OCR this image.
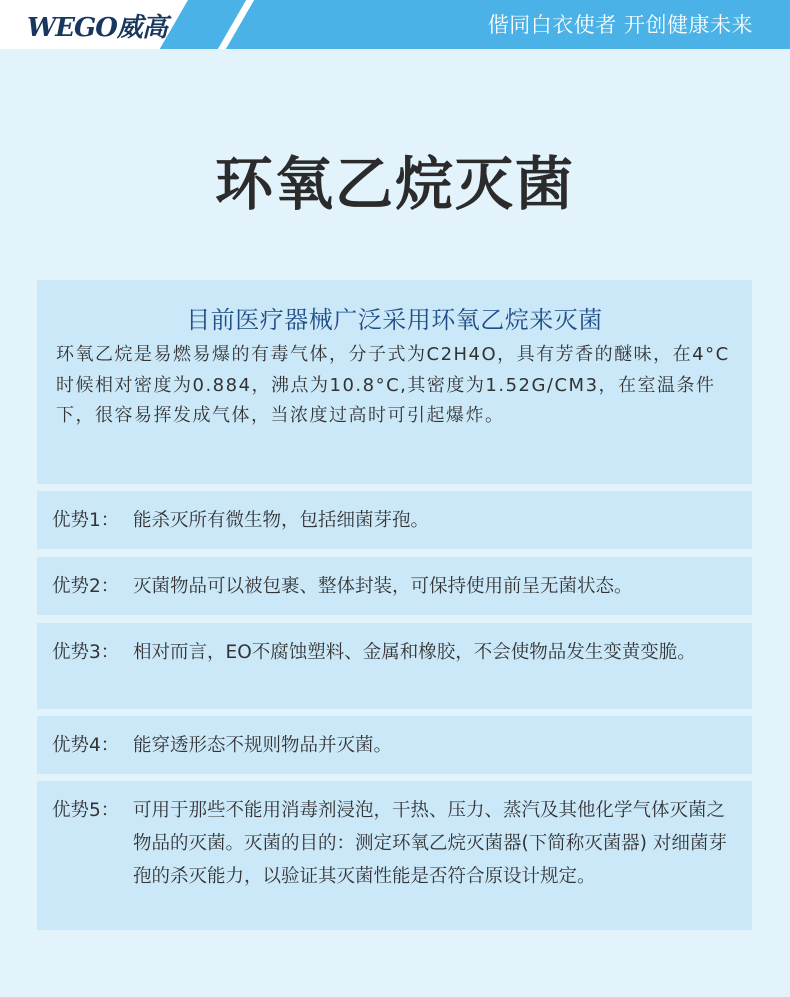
WEGO威高	偕同白衣使者 开创健康未来
环氧乙烷灭菌
目前医疗器械广泛采用环氧乙烷来灭菌

环氧乙烷是易燃易爆的有毒气体，分子式为C2H4O，具有芳香的醚味，在4°C时候相对密度为0.884，沸点为10.8°C,其密度为1.52G/CM3，在室温条件下，很容易挥发成气体，当浓度过高时可引起爆炸。

优势1： 能杀灭所有微生物，包括细菌芽孢。
优势2： 灭菌物品可以被包裹、整体封装，可保持使用前呈无菌状态。
优势3： 相对而言，EO不腐蚀塑料、金属和橡胶，不会使物品发生变黄变脆。
优势4： 能穿透形态不规则物品并灭菌。
优势5： 可用于那些不能用消毒剂浸泡，干热、压力、蒸汽及其他化学气体灭菌之物品的灭菌。灭菌的目的：测定环氧乙烷灭菌器(下简称灭菌器) 对细菌芽孢的杀灭能力，以验证其灭菌性能是否符合原设计规定。
